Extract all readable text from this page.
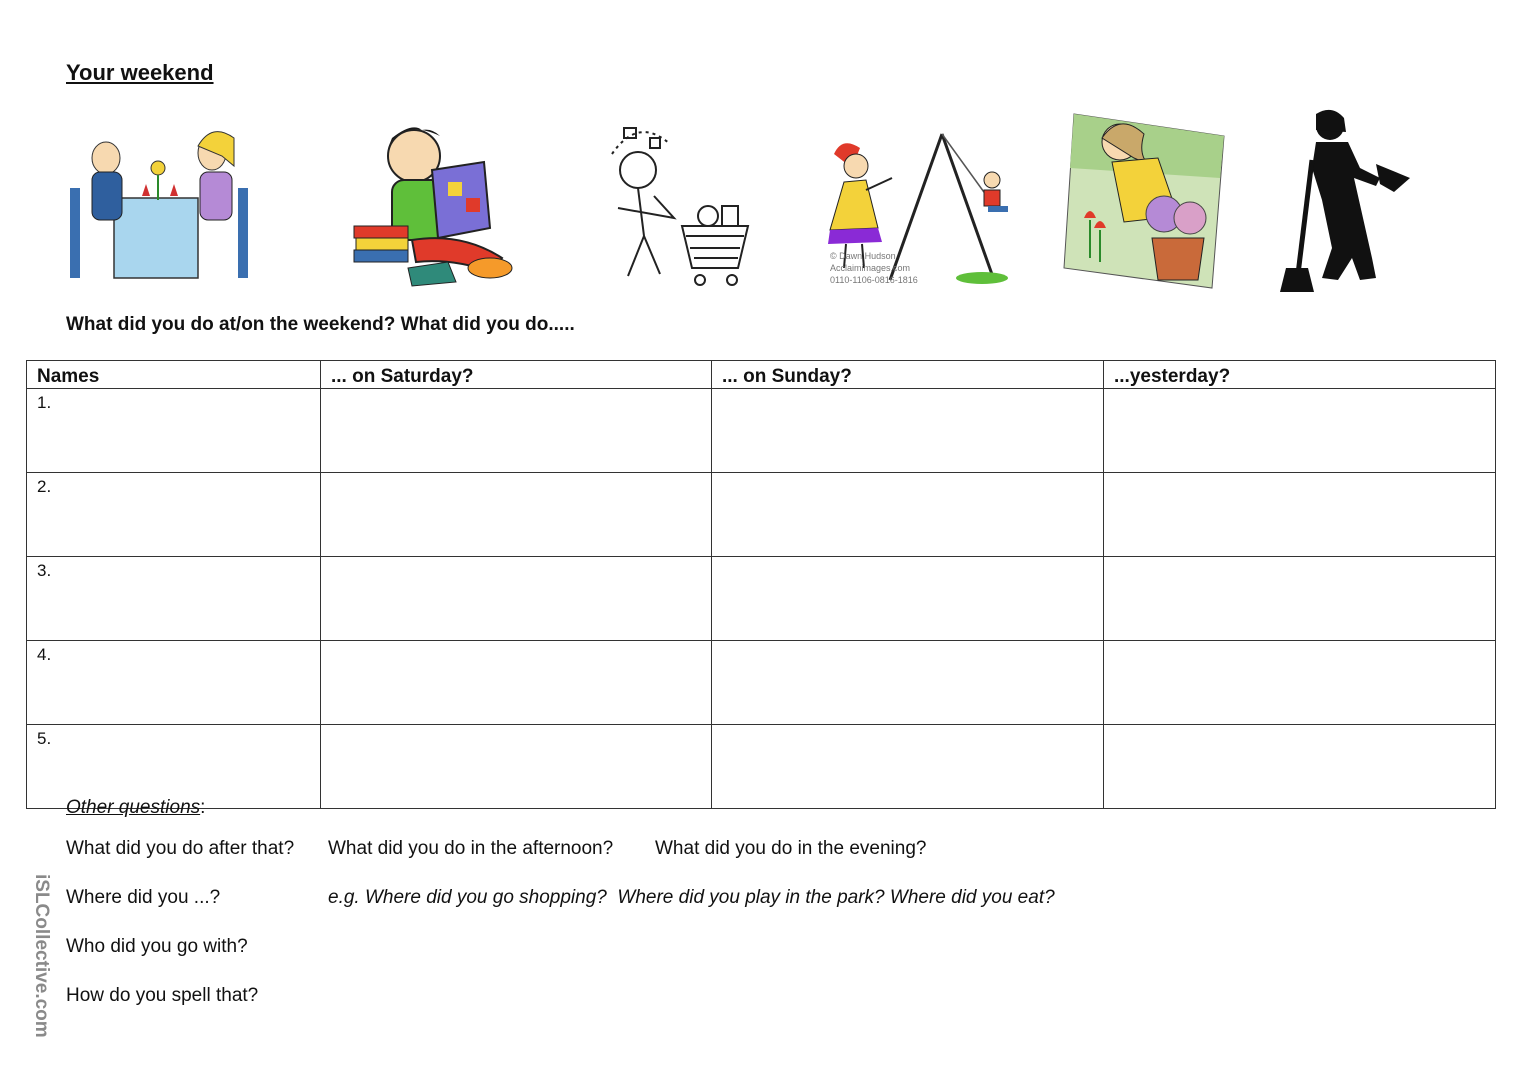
Your weekend
© Dawn Hudson
Acclaimimages.com
0110-1106-0816-1816
What did you do at/on the weekend? What did you do.....
Names	... on Saturday?	... on Sunday?	...yesterday?
1.			
2.			
3.			
4.			
5.			
Other questions:
What did you do after that? What did you do in the afternoon? What did you do in the evening?
Where did you ...?	e.g. Where did you go shopping?  Where did you play in the park? Where did you eat?
Who did you go with?
How do you spell that?
iSLCollective.com
